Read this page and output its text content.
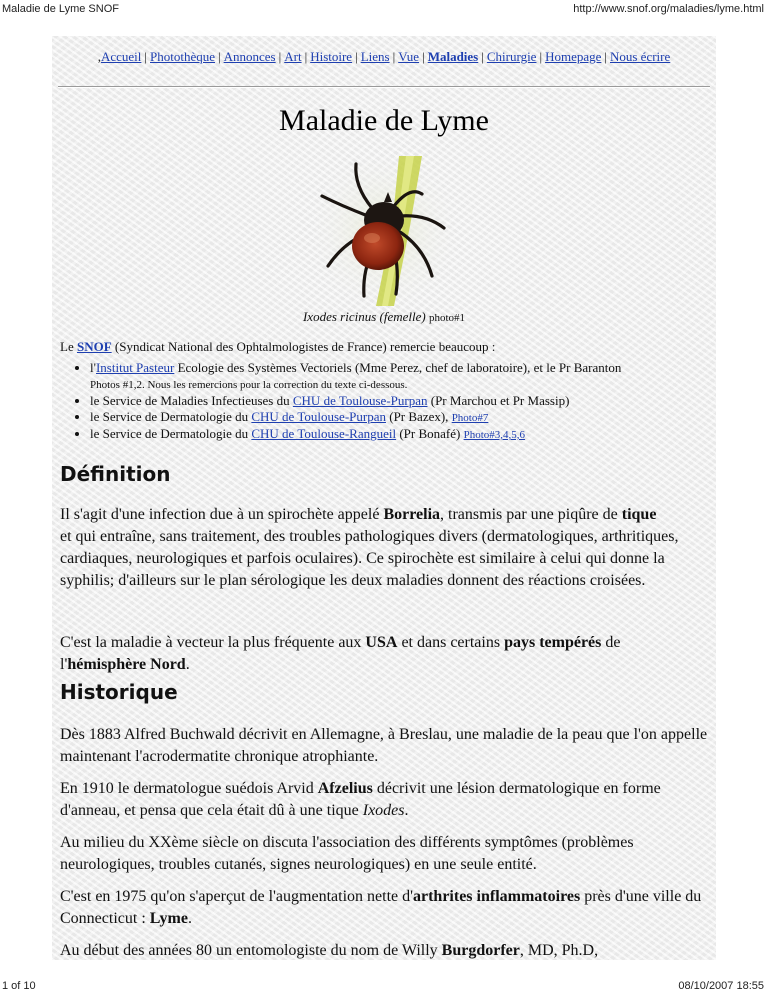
Maladie de Lyme SNOF	http://www.snof.org/maladies/lyme.html
,Accueil | Photothèque | Annonces | Art | Histoire | Liens | Vue | Maladies | Chirurgie | Homepage | Nous écrire
Maladie de Lyme
Ixodes ricinus (femelle) photo#1
Le SNOF (Syndicat National des Ophtalmologistes de France) remercie beaucoup :
• l'Institut Pasteur Ecologie des Systèmes Vectoriels (Mme Perez, chef de laboratoire), et le Pr Baranton
Photos #1,2. Nous les remercions pour la correction du texte ci-dessous.
• le Service de Maladies Infectieuses du CHU de Toulouse-Purpan (Pr Marchou et Pr Massip)
• le Service de Dermatologie du CHU de Toulouse-Purpan (Pr Bazex), Photo#7
• le Service de Dermatologie du CHU de Toulouse-Rangueil (Pr Bonafé) Photo#3,4,5,6
Définition

Il s'agit d'une infection due à un spirochète appelé Borrelia, transmis par une piqûre de tique
et qui entraîne, sans traitement, des troubles pathologiques divers (dermatologiques, arthritiques, cardiaques, neurologiques et parfois oculaires). Ce spirochète est similaire à celui qui donne la syphilis; d'ailleurs sur le plan sérologique les deux maladies donnent des réactions croisées.

C'est la maladie à vecteur la plus fréquente aux USA et dans certains pays tempérés de l'hémisphère Nord.

Historique

Dès 1883 Alfred Buchwald décrivit en Allemagne, à Breslau, une maladie de la peau que l'on appelle maintenant l'acrodermatite chronique atrophiante.

En 1910 le dermatologue suédois Arvid Afzelius décrivit une lésion dermatologique en forme d'anneau, et pensa que cela était dû à une tique Ixodes.

Au milieu du XXème siècle on discuta l'association des différents symptômes (problèmes neurologiques, troubles cutanés, signes neurologiques) en une seule entité.

C'est en 1975 qu'on s'aperçut de l'augmentation nette d'arthrites inflammatoires près d'une ville du Connecticut : Lyme.

Au début des années 80 un entomologiste du nom de Willy Burgdorfer, MD, Ph.D,

1 of 10	08/10/2007 18:55
